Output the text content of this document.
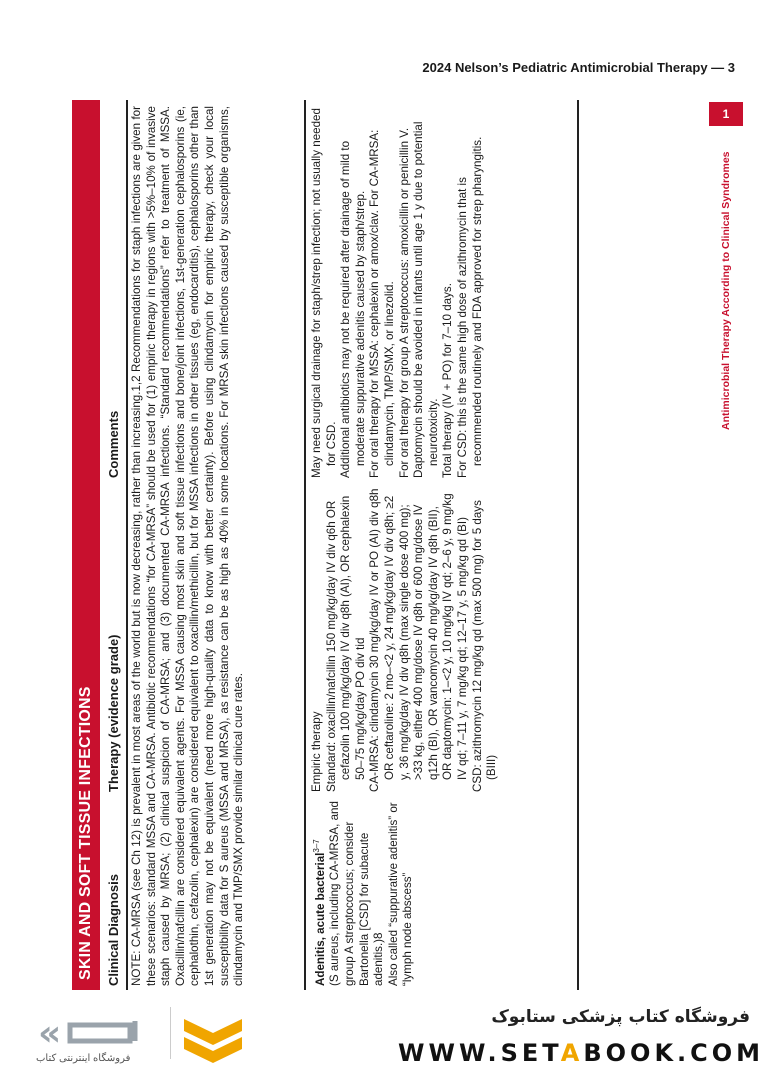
2024 Nelson’s Pediatric Antimicrobial Therapy — 3
1
Antimicrobial Therapy According to Clinical Syndromes
SKIN AND SOFT TISSUE INFECTIONS Clinical Diagnosis
Therapy (evidence grade)
Comments NOTE: CA-MRSA (see Ch 12) is prevalent in most areas of the world but is now decreasing, rather than increasing.1,2 Recommendations for staph infections are given for these scenarios: standard MSSA and CA-MRSA. Antibiotic recommendations “for CA-MRSA” should be used for (1) empiric therapy in regions with >5%–10% of invasive staph caused by MRSA; (2) clinical suspicion of CA-MRSA; and (3) documented CA-MRSA infections. “Standard recommendations” refer to treatment of MSSA. Oxacillin/nafcillin are considered equivalent agents. For MSSA causing most skin and soft tissue infections and bone/joint infections, 1st-generation cephalosporins (ie, cephalothin, cefazolin, cephalexin) are considered equivalent to oxacillin/methicillin, but for MSSA infections in other tissues (eg, endocarditis), cephalosporins other than 1st generation may not be equivalent (need more high-quality data to know with better certainty). Before using clindamycin for empiric therapy, check your local susceptibility data for S aureus (MSSA and MRSA), as resistance can be as high as 40% in some locations. For MRSA skin infections caused by susceptible organisms, clindamycin and TMP/SMX provide similar clinical cure rates.	Adenitis, acute bacterial$^{3-7}$ (S aureus, including CA-MRSA, and group A streptococcus; consider Bartonella [CSD] for subacute adenitis.)8 Also called “suppurative adenitis” or “lymph node abscess”

Empiric therapy Standard: oxacillin/nafcillin 150 mg/kg/day IV div q6h OR cefazolin 100 mg/kg/day IV div q8h (AI), OR cephalexin 50–75 mg/kg/day PO div tid CA-MRSA: clindamycin 30 mg/kg/day IV or PO (AI) div q8h OR ceftaroline: 2 mo–<2 y, 24 mg/kg/day IV div q8h; ≥2 y, 36 mg/kg/day IV div q8h (max single dose 400 mg); >33 kg, either 400 mg/dose IV q8h or 600 mg/dose IV q12h (BI), OR vancomycin 40 mg/kg/day IV q8h (BII), OR daptomycin: 1–<2 y, 10 mg/kg IV qd; 2–6 y, 9 mg/kg IV qd; 7–11 y, 7 mg/kg qd; 12–17 y, 5 mg/kg qd (BI) CSD: azithromycin 12 mg/kg qd (max 500 mg) for 5 days (BIII)

May need surgical drainage for staph/strep infection; not usually needed for CSD. Additional antibiotics may not be required after drainage of mild to moderate suppurative adenitis caused by staph/strep. For oral therapy for MSSA: cephalexin or amox/clav. For CA-MRSA: clindamycin, TMP/SMX, or linezolid. For oral therapy for group A streptococcus: amoxicillin or penicillin V. Daptomycin should be avoided in infants until age 1 y due to potential neurotoxicity. Total therapy (IV + PO) for 7–10 days. For CSD: this is the same high dose of azithromycin that is recommended routinely and FDA approved for strep pharyngitis.

«
فروشگاه اینترنتی کتاب
فروشگاه کتاب پزشکی ستابوک
WWW.SETABOOK.COM
